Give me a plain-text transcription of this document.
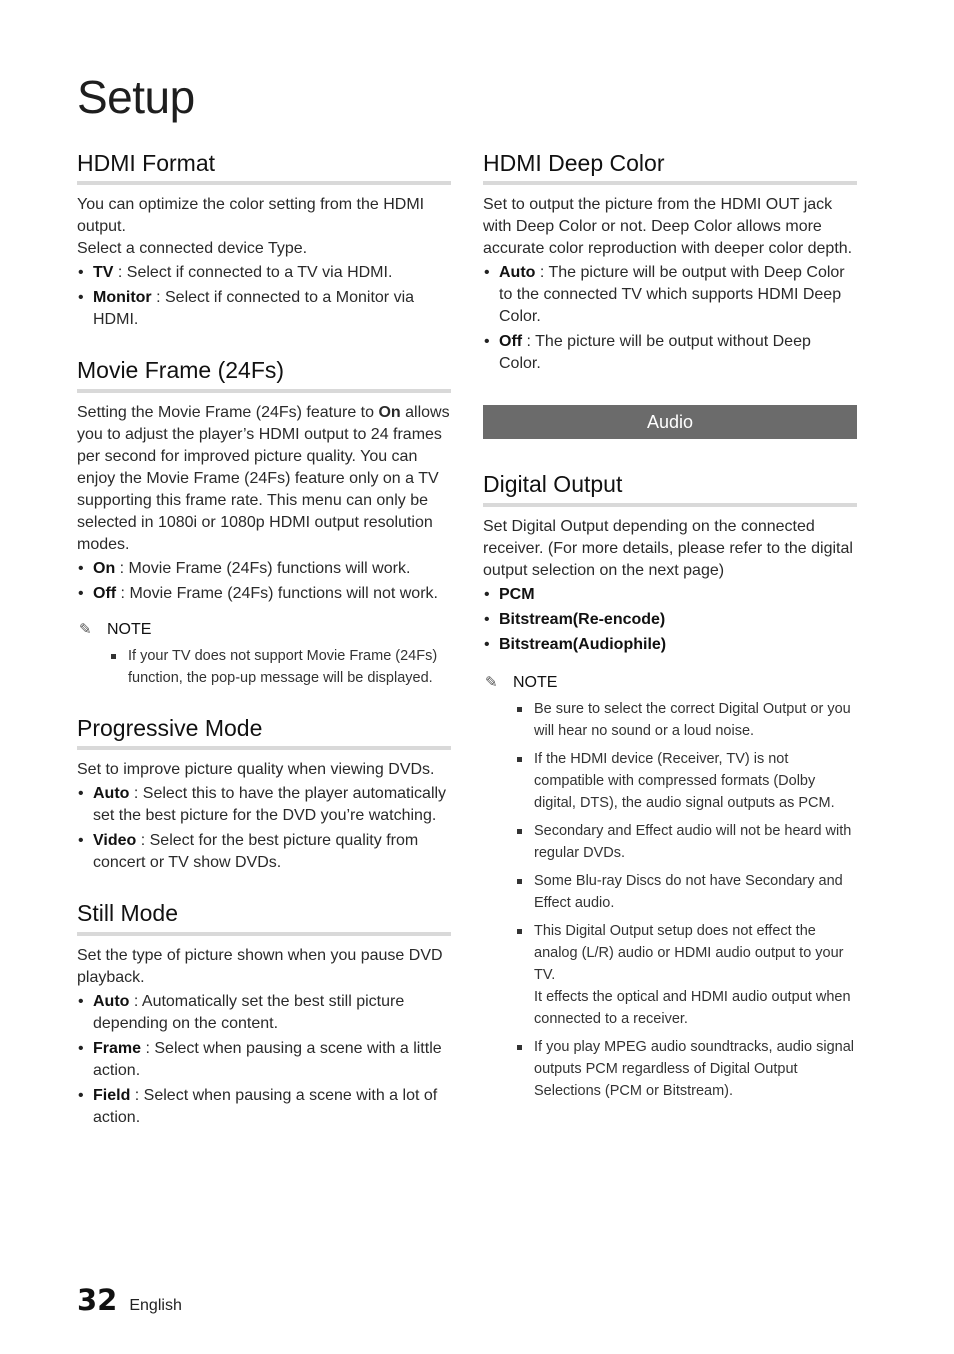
Setup
HDMI Format

You can optimize the color setting from the HDMI output.

Select a connected device Type.

• TV : Select if connected to a TV via HDMI.
• Monitor : Select if connected to a Monitor via HDMI.
Movie Frame (24Fs)

Setting the Movie Frame (24Fs) feature to On allows you to adjust the player’s HDMI output to 24 frames per second for improved picture quality. You can enjoy the Movie Frame (24Fs) feature only on a TV supporting this frame rate. This menu can only be selected in 1080i or 1080p HDMI output resolution modes.

• On : Movie Frame (24Fs) functions will work.
• Off : Movie Frame (24Fs) functions will not work.
✎ NOTE
If your TV does not support Movie Frame (24Fs) function, the pop-up message will be displayed.
Progressive Mode

Set to improve picture quality when viewing DVDs.

• Auto : Select this to have the player automatically set the best picture for the DVD you’re watching.
• Video : Select for the best picture quality from concert or TV show DVDs.
Still Mode

Set the type of picture shown when you pause DVD playback.

• Auto : Automatically set the best still picture depending on the content.
• Frame : Select when pausing a scene with a little action.
• Field : Select when pausing a scene with a lot of action.
HDMI Deep Color

Set to output the picture from the HDMI OUT jack with Deep Color or not. Deep Color allows more accurate color reproduction with deeper color depth.

• Auto : The picture will be output with Deep Color to the connected TV which supports HDMI Deep Color.
• Off : The picture will be output without Deep Color.
Audio
Digital Output

Set Digital Output depending on the connected receiver. (For more details, please refer to the digital output selection on the next page)

• PCM
• Bitstream(Re-encode)
• Bitstream(Audiophile)
✎ NOTE
Be sure to select the correct Digital Output or you will hear no sound or a loud noise.
If the HDMI device (Receiver, TV) is not compatible with compressed formats (Dolby digital, DTS), the audio signal outputs as PCM.
Secondary and Effect audio will not be heard with regular DVDs.
Some Blu-ray Discs do not have Secondary and Effect audio.
This Digital Output setup does not effect the analog (L/R) audio or HDMI audio output to your TV.
It effects the optical and HDMI audio output when connected to a receiver.
If you play MPEG audio soundtracks, audio signal outputs PCM regardless of Digital Output Selections (PCM or Bitstream).
32 English
